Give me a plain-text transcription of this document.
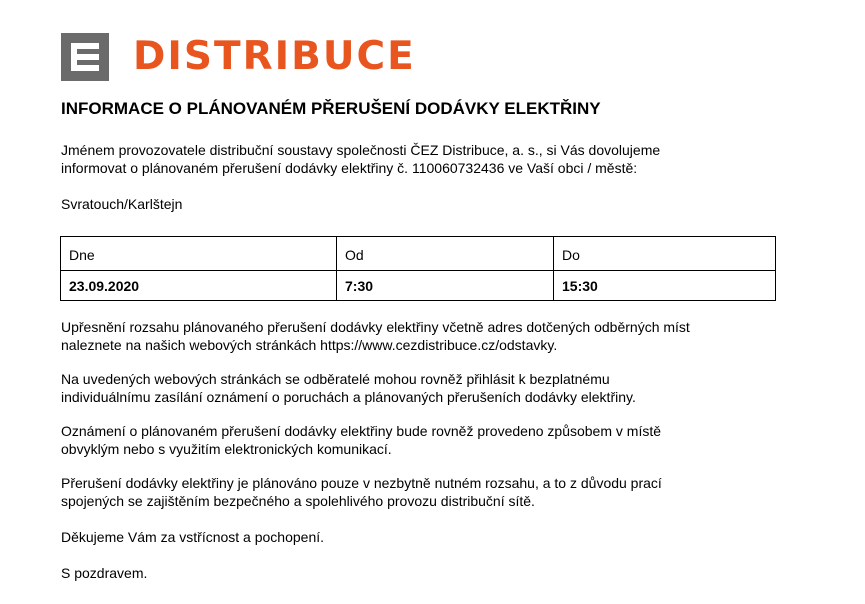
DISTRIBUCE
INFORMACE O PLÁNOVANÉM PŘERUŠENÍ DODÁVKY ELEKTŘINY
Jménem provozovatele distribuční soustavy společnosti ČEZ Distribuce, a. s., si Vás dovolujeme
informovat o plánovaném přerušení dodávky elektřiny č. 110060732436 ve Vaší obci / městě:
Svratouch/Karlštejn
Dne	Od	Do
23.09.2020	7:30	15:30
Upřesnění rozsahu plánovaného přerušení dodávky elektřiny včetně adres dotčených odběrných míst
naleznete na našich webových stránkách https://www.cezdistribuce.cz/odstavky.
Na uvedených webových stránkách se odběratelé mohou rovněž přihlásit k bezplatnému
individuálnímu zasílání oznámení o poruchách a plánovaných přerušeních dodávky elektřiny.
Oznámení o plánovaném přerušení dodávky elektřiny bude rovněž provedeno způsobem v místě
obvyklým nebo s využitím elektronických komunikací.
Přerušení dodávky elektřiny je plánováno pouze v nezbytně nutném rozsahu, a to z důvodu prací
spojených se zajištěním bezpečného a spolehlivého provozu distribuční sítě.
Děkujeme Vám za vstřícnost a pochopení.
S pozdravem.
